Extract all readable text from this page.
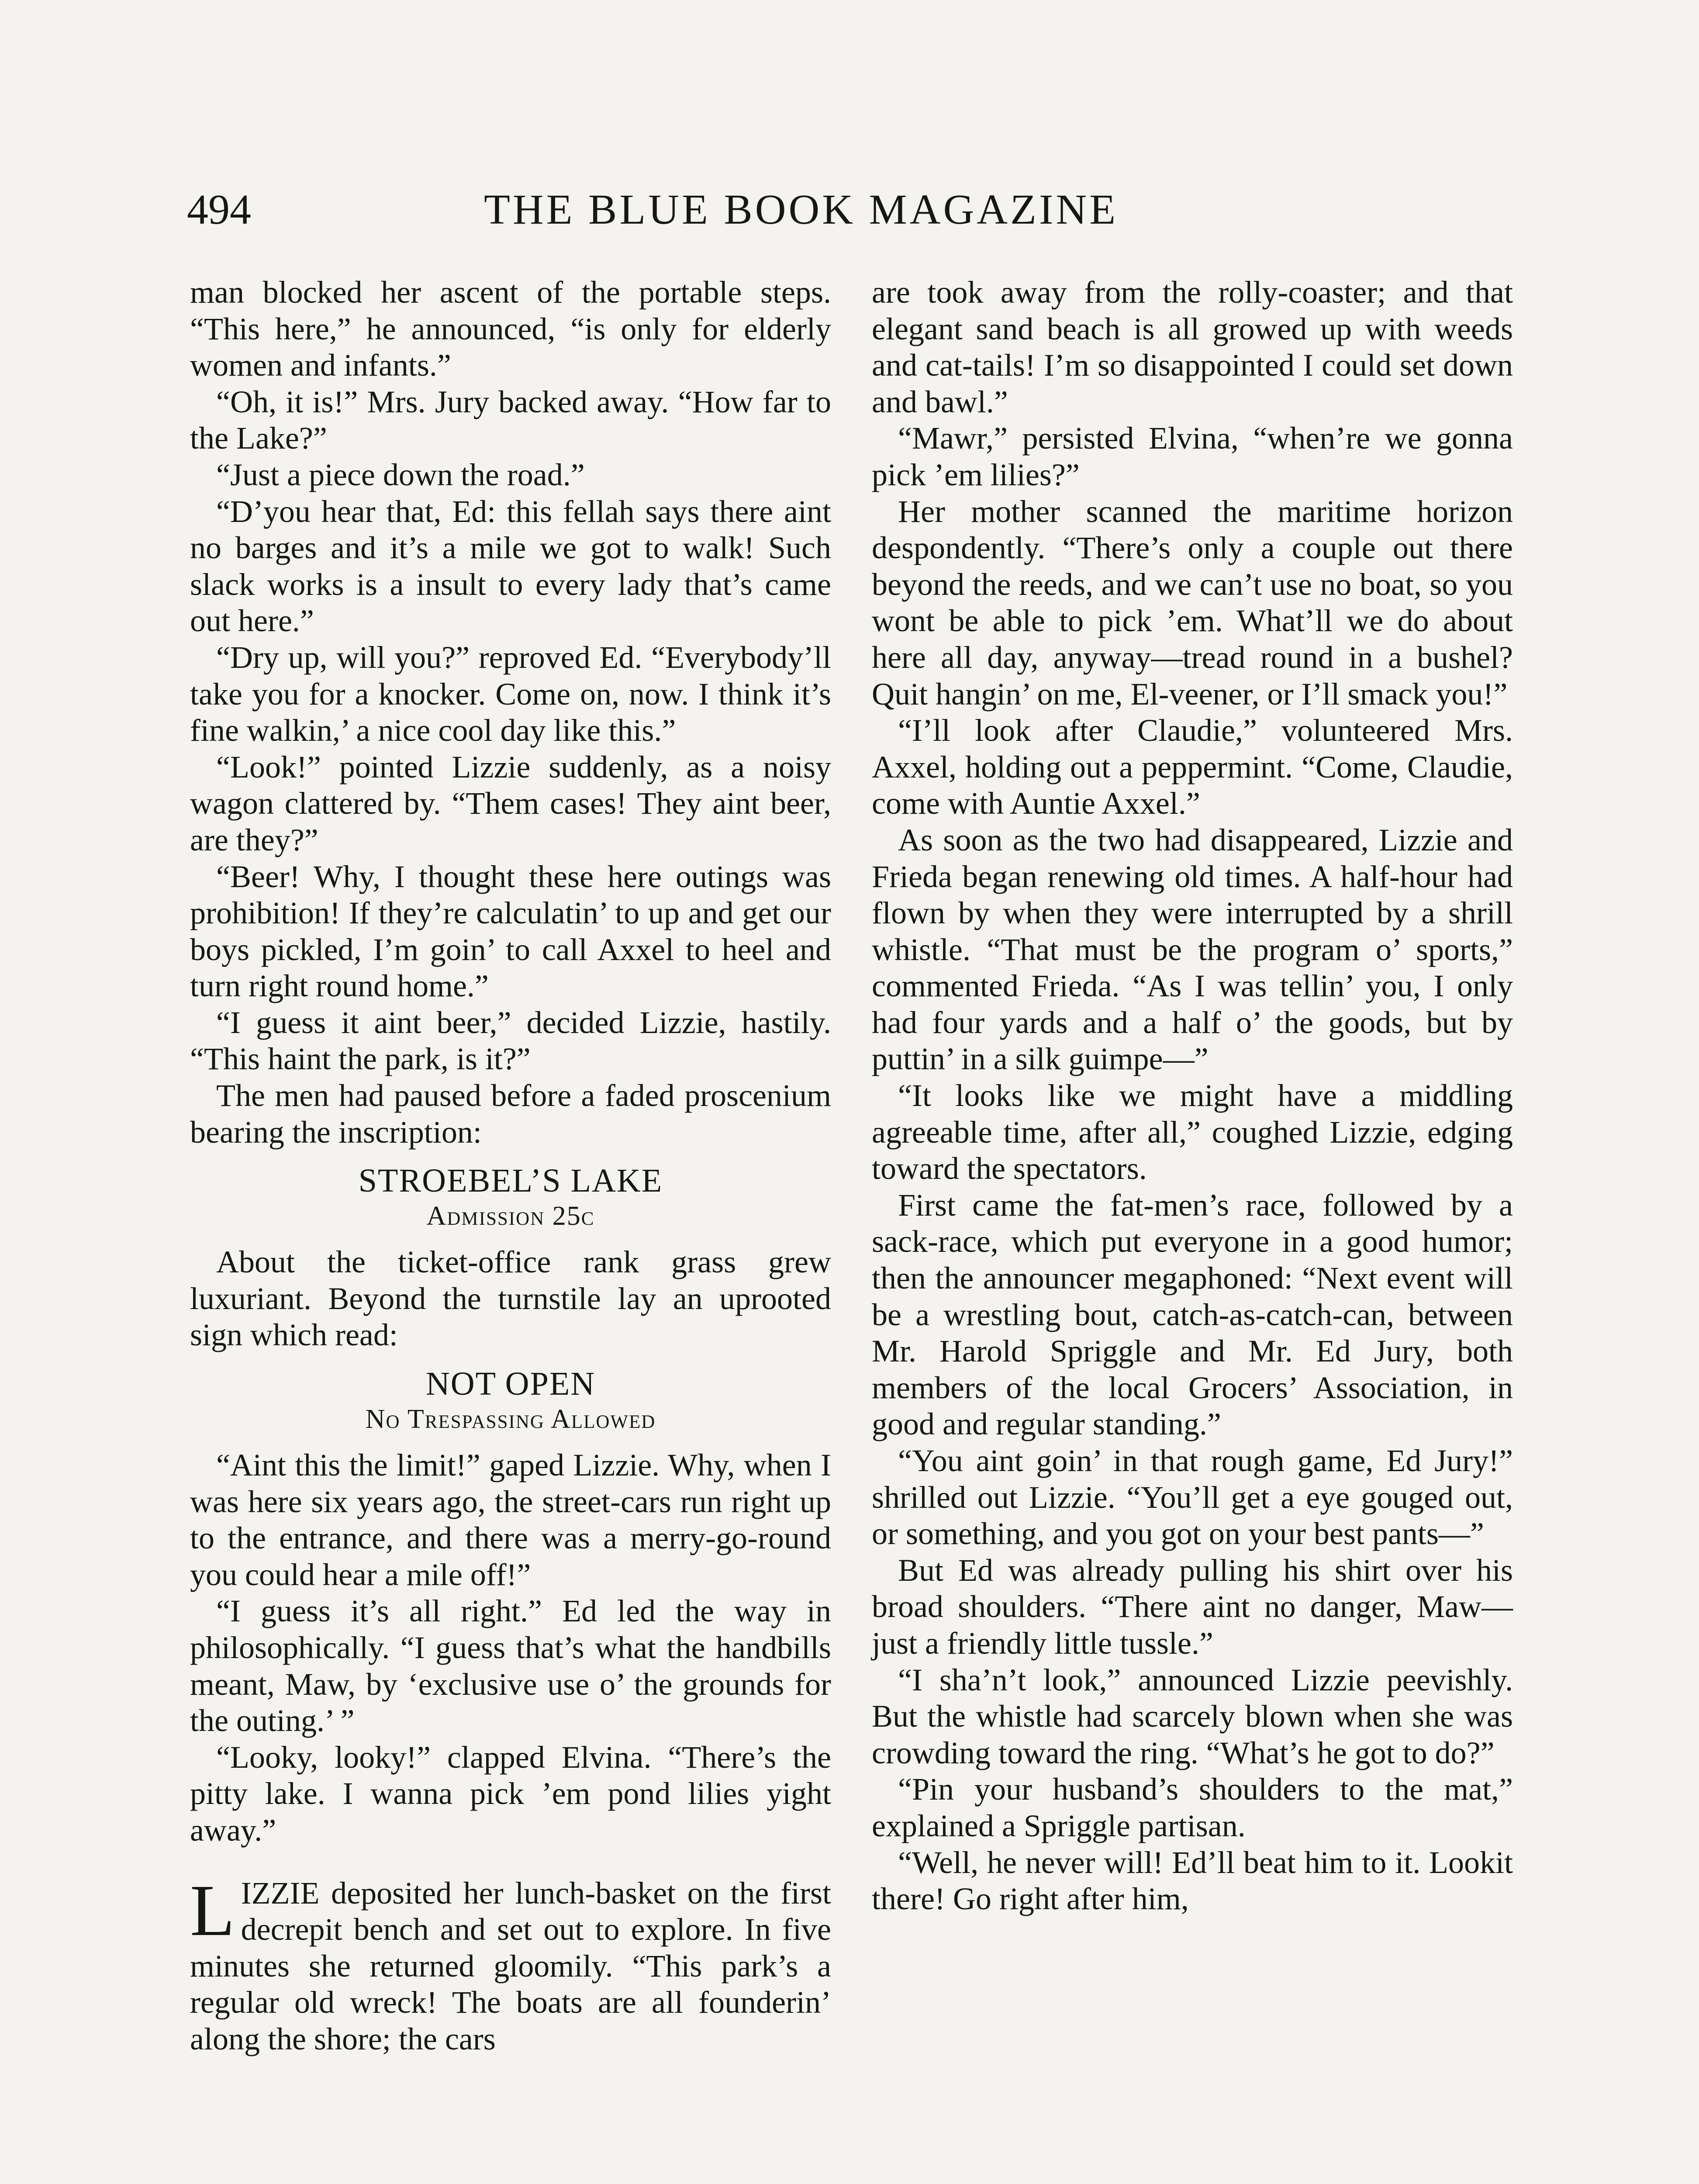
494	THE BLUE BOOK MAGAZINE

man blocked her ascent of the portable steps. “This here,” he announced, “is only for elderly women and infants.”

“Oh, it is!” Mrs. Jury backed away. “How far to the Lake?”

“Just a piece down the road.”

“D’you hear that, Ed: this fellah says there aint no barges and it’s a mile we got to walk! Such slack works is a insult to every lady that’s came out here.”

“Dry up, will you?” reproved Ed. “Everybody’ll take you for a knocker. Come on, now. I think it’s fine walkin,’ a nice cool day like this.”

“Look!” pointed Lizzie suddenly, as a noisy wagon clattered by. “Them cases! They aint beer, are they?”

“Beer! Why, I thought these here outings was prohibition! If they’re calculatin’ to up and get our boys pickled, I’m goin’ to call Axxel to heel and turn right round home.”

“I guess it aint beer,” decided Lizzie, hastily. “This haint the park, is it?”

The men had paused before a faded proscenium bearing the inscription:

STROEBEL’S LAKE
Admission 25c

About the ticket-office rank grass grew luxuriant. Beyond the turnstile lay an uprooted sign which read:

NOT OPEN
No Trespassing Allowed

“Aint this the limit!” gaped Lizzie. Why, when I was here six years ago, the street-cars run right up to the entrance, and there was a merry-go-round you could hear a mile off!”

“I guess it’s all right.” Ed led the way in philosophically. “I guess that’s what the handbills meant, Maw, by ‘exclusive use o’ the grounds for the outing.’ ”

“Looky, looky!” clapped Elvina. “There’s the pitty lake. I wanna pick ’em pond lilies yight away.”

L IZZIE deposited her lunch-basket on the first decrepit bench and set out to explore. In five minutes she returned gloomily. “This park’s a regular old wreck! The boats are all founderin’ along the shore; the cars

are took away from the rolly-coaster; and that elegant sand beach is all growed up with weeds and cat-tails! I’m so disappointed I could set down and bawl.”

“Mawr,” persisted Elvina, “when’re we gonna pick ’em lilies?”

Her mother scanned the maritime horizon despondently. “There’s only a couple out there beyond the reeds, and we can’t use no boat, so you wont be able to pick ’em. What’ll we do about here all day, anyway—tread round in a bushel? Quit hangin’ on me, El-veener, or I’ll smack you!”

“I’ll look after Claudie,” volunteered Mrs. Axxel, holding out a peppermint. “Come, Claudie, come with Auntie Axxel.”

As soon as the two had disappeared, Lizzie and Frieda began renewing old times. A half-hour had flown by when they were interrupted by a shrill whistle. “That must be the program o’ sports,” commented Frieda. “As I was tellin’ you, I only had four yards and a half o’ the goods, but by puttin’ in a silk guimpe—”

“It looks like we might have a middling agreeable time, after all,” coughed Lizzie, edging toward the spectators.

First came the fat-men’s race, followed by a sack-race, which put everyone in a good humor; then the announcer megaphoned: “Next event will be a wrestling bout, catch-as-catch-can, between Mr. Harold Spriggle and Mr. Ed Jury, both members of the local Grocers’ Association, in good and regular standing.”

“You aint goin’ in that rough game, Ed Jury!” shrilled out Lizzie. “You’ll get a eye gouged out, or something, and you got on your best pants—”

But Ed was already pulling his shirt over his broad shoulders. “There aint no danger, Maw—just a friendly little tussle.”

“I sha’n’t look,” announced Lizzie peevishly. But the whistle had scarcely blown when she was crowding toward the ring. “What’s he got to do?”

“Pin your husband’s shoulders to the mat,” explained a Spriggle partisan.

“Well, he never will! Ed’ll beat him to it. Lookit there! Go right after him,
